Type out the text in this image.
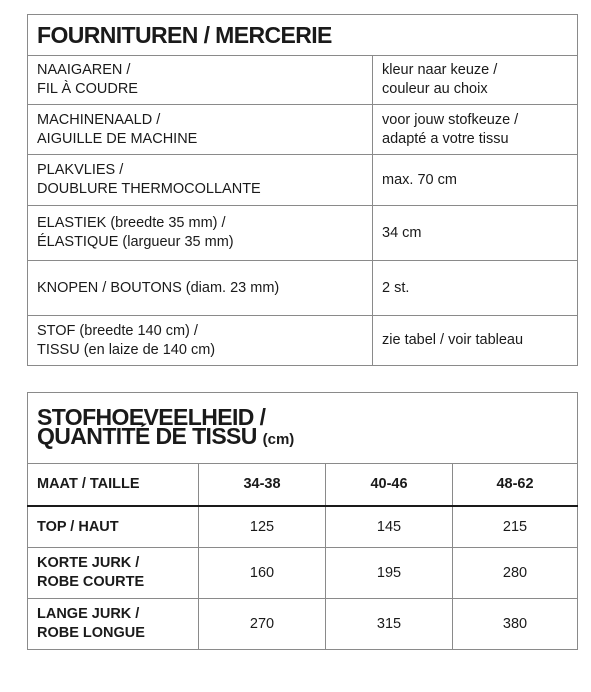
FOURNITUREN / MERCERIE	

NAAIGAREN /
FIL À COUDRE	kleur naar keuze /
couleur au choix

MACHINENAALD /
AIGUILLE DE MACHINE	voor jouw stofkeuze /
adapté a votre tissu

PLAKVLIES /
DOUBLURE THERMOCOLLANTE	max. 70 cm

ELASTIEK (breedte 35 mm) /
ÉLASTIQUE (largueur 35 mm)	34 cm

KNOPEN / BOUTONS (diam. 23 mm)	2 st.

STOF (breedte 140 cm) /
TISSU (en laize de 140 cm)	zie tabel / voir tableau
STOFHOEVEELHEID /
QUANTITÉ DE TISSU (cm)			

MAAT / TAILLE	34-38	40-46	48-62

TOP / HAUT	125	145	215

KORTE JURK /
ROBE COURTE	160	195	280

LANGE JURK /
ROBE LONGUE	270	315	380
